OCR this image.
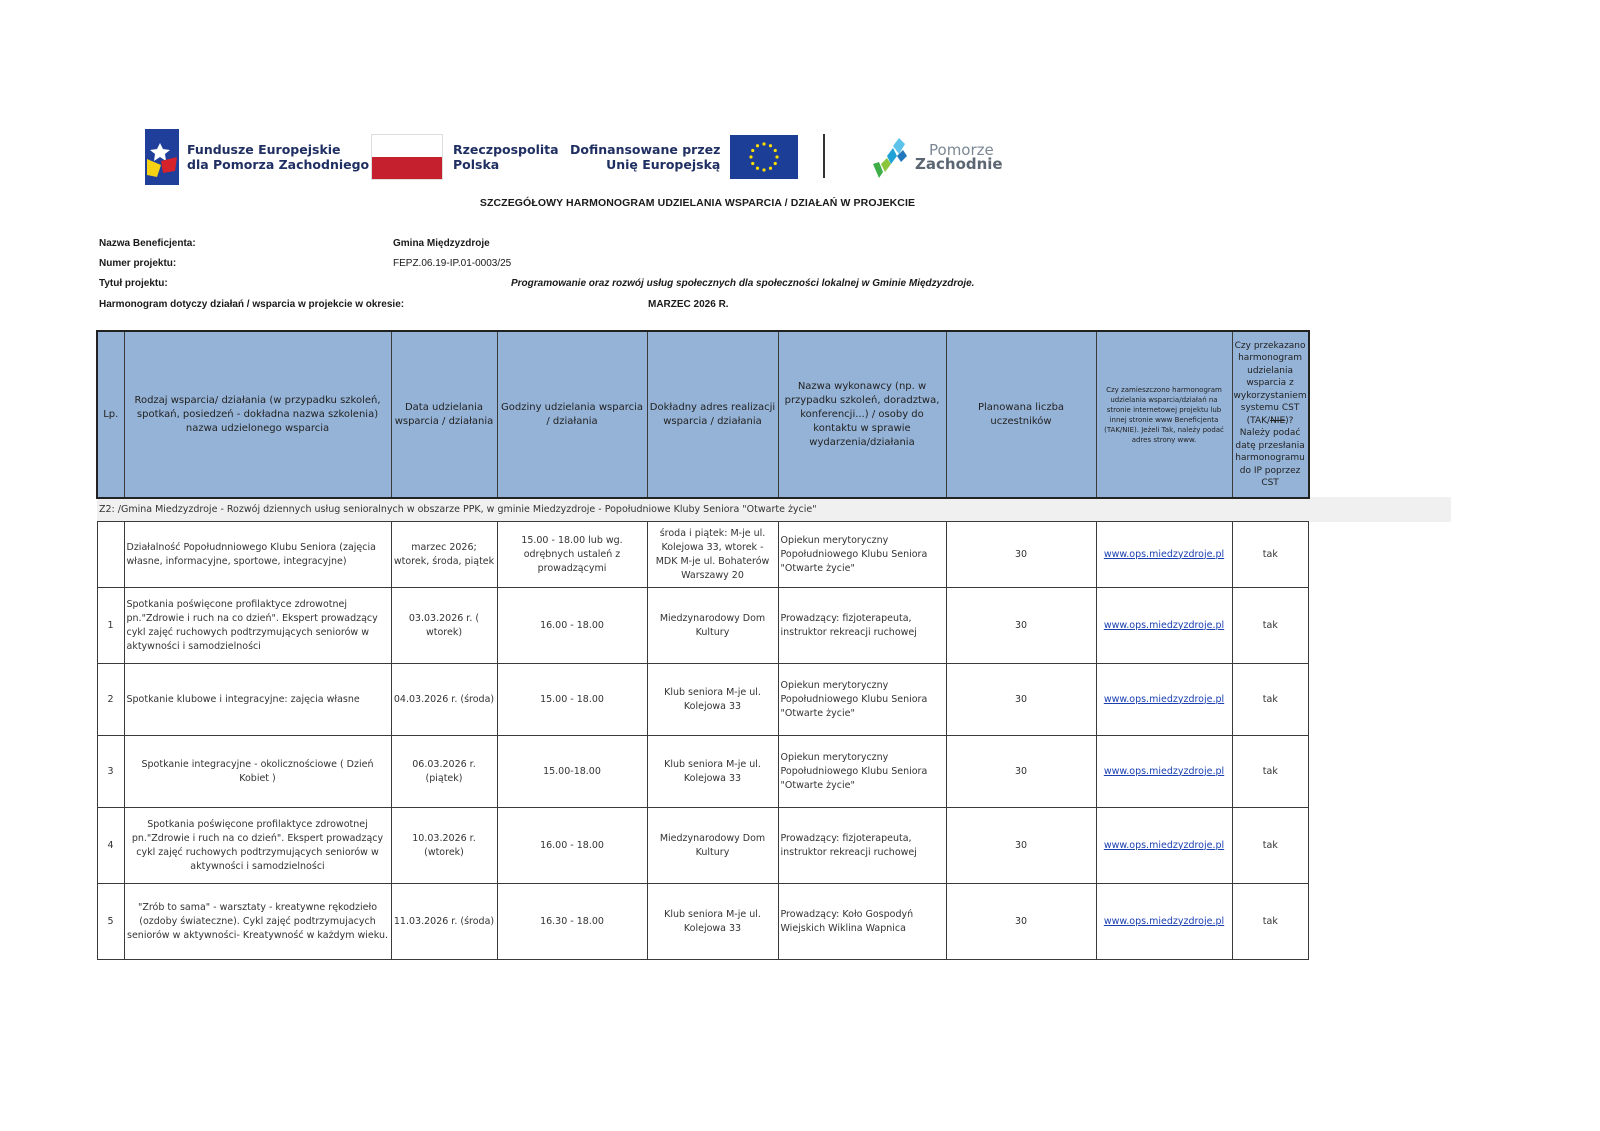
Fundusze Europejskie
dla Pomorza Zachodniego
Rzeczpospolita
Polska
Dofinansowane przez
Unię Europejską
Pomorze
Zachodnie
SZCZEGÓŁOWY HARMONOGRAM UDZIELANIA WSPARCIA / DZIAŁAŃ W PROJEKCIE
Nazwa Beneficjenta:	Gmina Międzyzdroje
Numer projektu:	FEPZ.06.19-IP.01-0003/25
Tytuł projektu:	Programowanie oraz rozwój usług społecznych dla społeczności lokalnej w Gminie Międzyzdroje.
Harmonogram dotyczy działań / wsparcia w projekcie w okresie:	MARZEC 2026 R.
Lp.	Rodzaj wsparcia/ działania (w przypadku szkoleń, spotkań, posiedzeń - dokładna nazwa szkolenia) nazwa udzielonego wsparcia	Data udzielania wsparcia / działania	Godziny udzielania wsparcia / działania	Dokładny adres realizacji wsparcia / działania	Nazwa wykonawcy (np. w przypadku szkoleń, doradztwa, konferencji...) / osoby do kontaktu w sprawie wydarzenia/działania	Planowana liczba uczestników	Czy zamieszczono harmonogram udzielania wsparcia/działań na stronie internetowej projektu lub innej stronie www Beneficjenta (TAK/NIE). Jeżeli Tak, należy podać adres strony www.	Czy przekazano harmonogram udzielania wsparcia z wykorzystaniem systemu CST (TAK/NIE)? Należy podać datę przesłania harmonogramu do IP poprzez CST
Z2: /Gmina Miedzyzdroje - Rozwój dziennych usług senioralnych w obszarze PPK, w gminie Miedzyzdroje - Popołudniowe Kluby Seniora "Otwarte życie"								
	Działalność Popołudnniowego Klubu Seniora (zajęcia własne, informacyjne, sportowe, integracyjne)	marzec 2026; wtorek, środa, piątek	15.00 - 18.00 lub wg. odrębnych ustaleń z prowadzącymi	środa i piątek: M-je ul. Kolejowa 33, wtorek - MDK M-je ul. Bohaterów Warszawy 20	Opiekun merytoryczny Popołudniowego Klubu Seniora "Otwarte życie"	30	www.ops.miedzyzdroje.pl	tak
1	Spotkania poświęcone profilaktyce zdrowotnej pn."Zdrowie i ruch na co dzień". Ekspert prowadzący cykl zajęć ruchowych podtrzymujących seniorów w aktywności i samodzielności	03.03.2026 r. ( wtorek)	16.00 - 18.00	Miedzynarodowy Dom Kultury	Prowadzący: fizjoterapeuta, instruktor rekreacji ruchowej	30	www.ops.miedzyzdroje.pl	tak
2	Spotkanie klubowe i integracyjne: zajęcia własne	04.03.2026 r. (środa)	15.00 - 18.00	Klub seniora M-je ul. Kolejowa 33	Opiekun merytoryczny Popołudniowego Klubu Seniora "Otwarte życie"	30	www.ops.miedzyzdroje.pl	tak
3	Spotkanie integracyjne - okolicznościowe ( Dzień Kobiet )	06.03.2026 r. (piątek)	15.00-18.00	Klub seniora M-je ul. Kolejowa 33	Opiekun merytoryczny Popołudniowego Klubu Seniora "Otwarte życie"	30	www.ops.miedzyzdroje.pl	tak
4	Spotkania poświęcone profilaktyce zdrowotnej pn."Zdrowie i ruch na co dzień". Ekspert prowadzący cykl zajęć ruchowych podtrzymujących seniorów w aktywności i samodzielności	10.03.2026 r. (wtorek)	16.00 - 18.00	Miedzynarodowy Dom Kultury	Prowadzący: fizjoterapeuta, instruktor rekreacji ruchowej	30	www.ops.miedzyzdroje.pl	tak
5	"Zrób to sama" - warsztaty - kreatywne rękodzieło (ozdoby świateczne). Cykl zajęć podtrzymujacych seniorów w aktywności- Kreatywność w każdym wieku.	11.03.2026 r. (środa)	16.30 - 18.00	Klub seniora M-je ul. Kolejowa 33	Prowadzący: Koło Gospodyń Wiejskich Wiklina Wapnica	30	www.ops.miedzyzdroje.pl	tak
